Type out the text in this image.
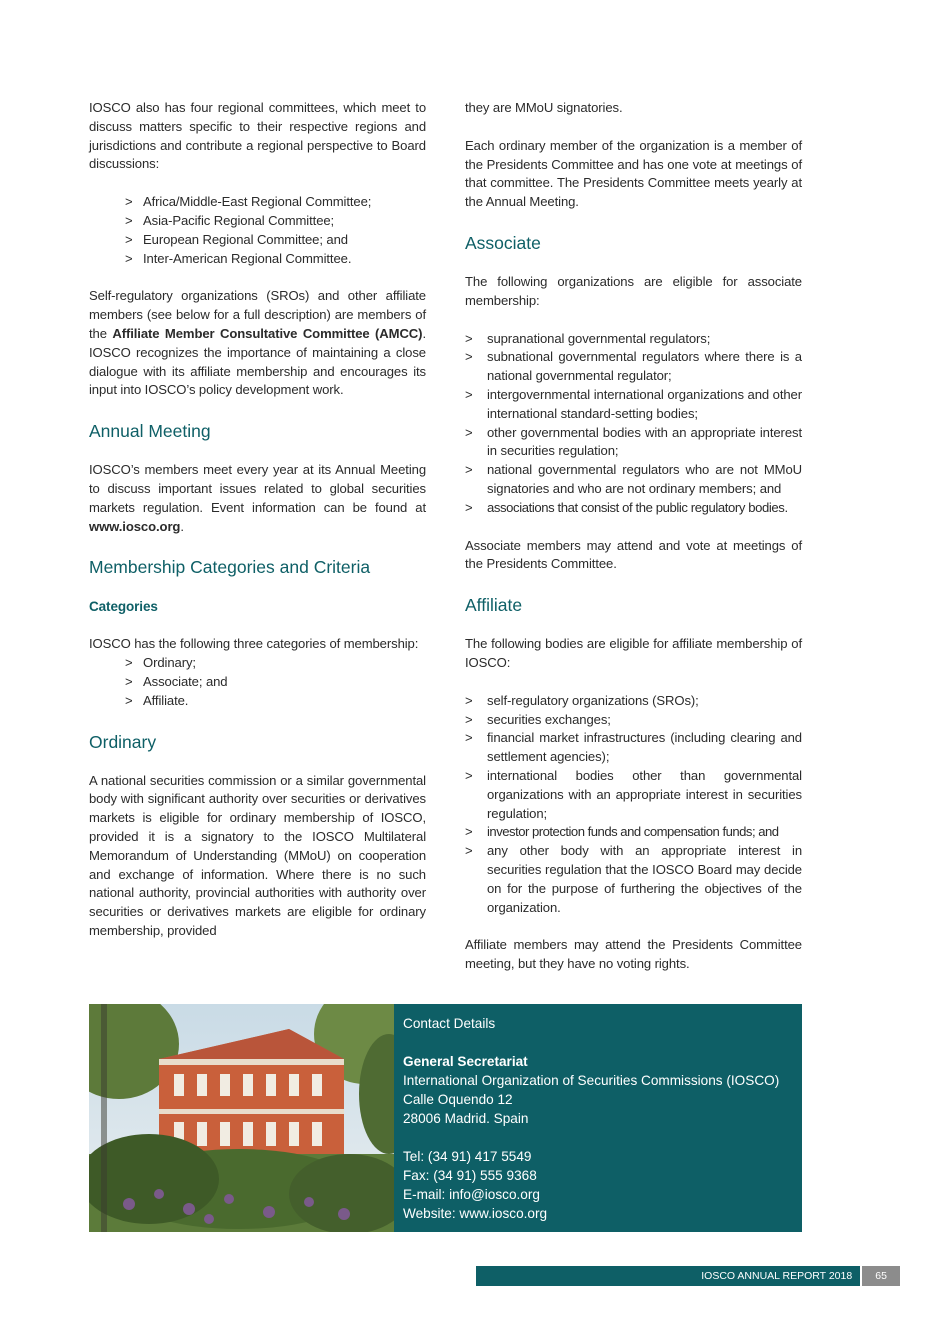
IOSCO also has four regional committees, which meet to discuss matters specific to their respective regions and jurisdictions and contribute a regional perspective to Board discussions:

> Africa/Middle-East Regional Committee;
> Asia-Pacific Regional Committee;
> European Regional Committee; and
> Inter-American Regional Committee.

Self-regulatory organizations (SROs) and other affiliate members (see below for a full description) are members of the Affiliate Member Consultative Committee (AMCC). IOSCO recognizes the importance of maintaining a close dialogue with its affiliate membership and encourages its input into IOSCO’s policy development work.

Annual Meeting

IOSCO’s members meet every year at its Annual Meeting to discuss important issues related to global securities markets regulation. Event information can be found at www.iosco.org.

Membership Categories and Criteria
Categories

IOSCO has the following three categories of membership:

> Ordinary;
> Associate; and
> Affiliate.
Ordinary

A national securities commission or a similar governmental body with significant authority over securities or derivatives markets is eligible for ordinary membership of IOSCO, provided it is a signatory to the IOSCO Multilateral Memorandum of Understanding (MMoU) on cooperation and exchange of information. Where there is no such national authority, provincial authorities with authority over securities or derivatives markets are eligible for ordinary membership, provided

they are MMoU signatories.

Each ordinary member of the organization is a member of the Presidents Committee and has one vote at meetings of that committee. The Presidents Committee meets yearly at the Annual Meeting.

Associate

The following organizations are eligible for associate membership:

> supranational governmental regulators;
> subnational governmental regulators where there is a national governmental regulator;
> intergovernmental international organizations and other international standard-setting bodies;
> other governmental bodies with an appropriate interest in securities regulation;
> national governmental regulators who are not MMoU signatories and who are not ordinary members; and
> associations that consist of the public regulatory bodies.

Associate members may attend and vote at meetings of the Presidents Committee.

Affiliate

The following bodies are eligible for affiliate membership of IOSCO:

> self-regulatory organizations (SROs);
> securities exchanges;
> financial market infrastructures (including clearing and settlement agencies);
> international bodies other than governmental organizations with an appropriate interest in securities regulation;
> investor protection funds and compensation funds; and
> any other body with an appropriate interest in securities regulation that the IOSCO Board may decide on for the purpose of furthering the objectives of the organization.

Affiliate members may attend the Presidents Committee meeting, but they have no voting rights.

Contact Details
General Secretariat
International Organization of Securities Commissions (IOSCO)
Calle Oquendo 12
28006 Madrid. Spain
Tel: (34 91) 417 5549
Fax: (34 91) 555 9368
E-mail: info@iosco.org
Website: www.iosco.org
IOSCO ANNUAL REPORT 2018	65
